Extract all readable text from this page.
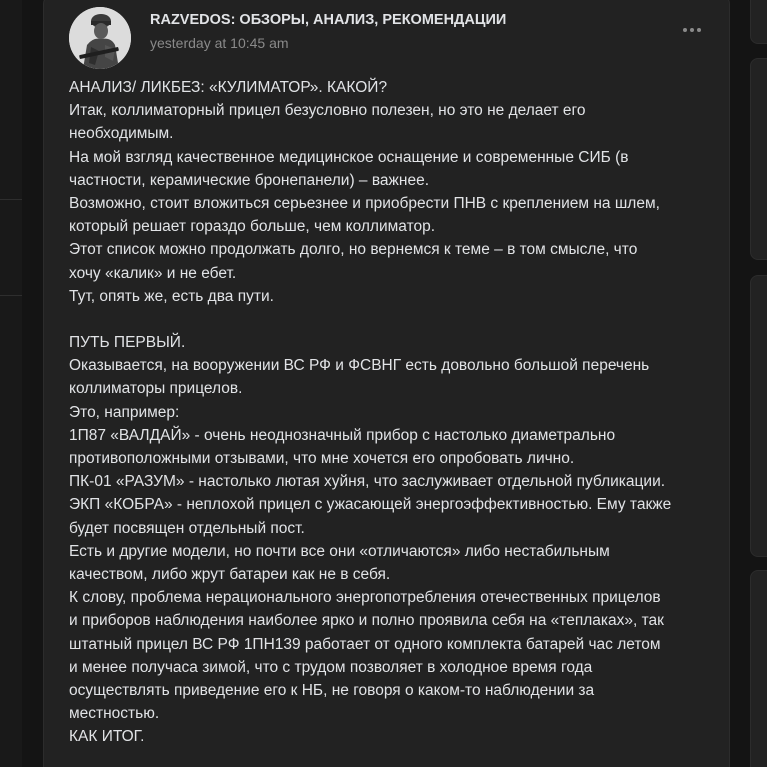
RAZVEDOS: ОБЗОРЫ, АНАЛИЗ, РЕКОМЕНДАЦИИ
yesterday at 10:45 am
АНАЛИЗ/ ЛИКБЕЗ: «КУЛИМАТОР». КАКОЙ?
Итак, коллиматорный прицел безусловно полезен, но это не делает его
необходимым.
На мой взгляд качественное медицинское оснащение и современные СИБ (в
частности, керамические бронепанели) – важнее.
Возможно, стоит вложиться серьезнее и приобрести ПНВ с креплением на шлем,
который решает гораздо больше, чем коллиматор.
Этот список можно продолжать долго, но вернемся к теме – в том смысле, что
хочу «калик» и не ебет.
Тут, опять же, есть два пути.
ПУТЬ ПЕРВЫЙ.
Оказывается, на вооружении ВС РФ и ФСВНГ есть довольно большой перечень
коллиматоры прицелов.
Это, например:
1П87 «ВАЛДАЙ» - очень неоднозначный прибор с настолько диаметрально
противоположными отзывами, что мне хочется его опробовать лично.
ПК-01 «РАЗУМ» - настолько лютая хуйня, что заслуживает отдельной публикации.
ЭКП «КОБРА» - неплохой прицел с ужасающей энергоэффективностью. Ему также
будет посвящен отдельный пост.
Есть и другие модели, но почти все они «отличаются» либо нестабильным
качеством, либо жрут батареи как не в себя.
К слову, проблема нерационального энергопотребления отечественных прицелов
и приборов наблюдения наиболее ярко и полно проявила себя на «теплаках», так
штатный прицел ВС РФ 1ПН139 работает от одного комплекта батарей час летом
и менее получаса зимой, что с трудом позволяет в холодное время года
осуществлять приведение его к НБ, не говоря о каком-то наблюдении за
местностью.
КАК ИТОГ.
